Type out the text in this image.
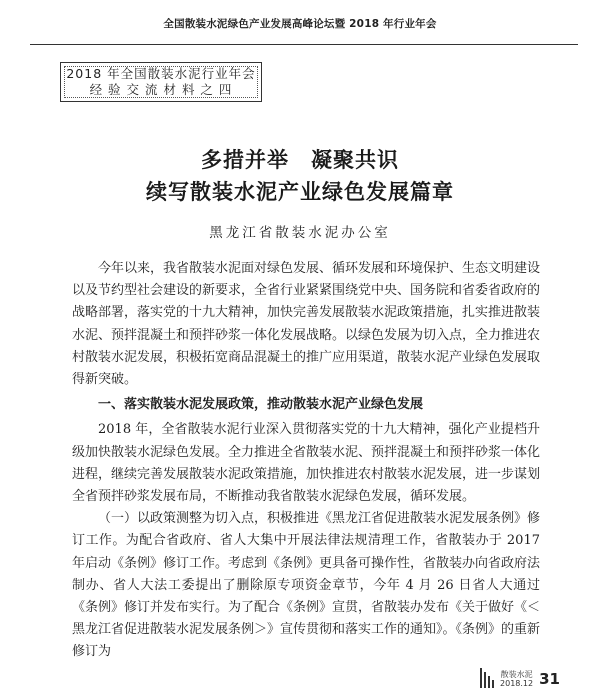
全国散装水泥绿色产业发展高峰论坛暨 2018 年行业年会
2018 年全国散装水泥行业年会
经 验 交 流 材 料 之 四
多措并举　凝聚共识
续写散装水泥产业绿色发展篇章
黑龙江省散装水泥办公室

今年以来，我省散装水泥面对绿色发展、循环发展和环境保护、生态文明建设以及节约型社会建设的新要求，全省行业紧紧围绕党中央、国务院和省委省政府的战略部署，落实党的十九大精神，加快完善发展散装水泥政策措施，扎实推进散装水泥、预拌混凝土和预拌砂浆一体化发展战略。以绿色发展为切入点，全力推进农村散装水泥发展，积极拓宽商品混凝土的推广应用渠道，散装水泥产业绿色发展取得新突破。

一、落实散装水泥发展政策，推动散装水泥产业绿色发展

2018 年，全省散装水泥行业深入贯彻落实党的十九大精神，强化产业提档升级加快散装水泥绿色发展。全力推进全省散装水泥、预拌混凝土和预拌砂浆一体化进程，继续完善发展散装水泥政策措施，加快推进农村散装水泥发展，进一步谋划全省预拌砂浆发展布局，不断推动我省散装水泥绿色发展，循环发展。

（一）以政策测整为切入点，积极推进《黑龙江省促进散装水泥发展条例》修订工作。为配合省政府、省人大集中开展法律法规清理工作，省散装办于 2017 年启动《条例》修订工作。考虑到《条例》更具备可操作性，省散装办向省政府法制办、省人大法工委提出了删除原专项资金章节，今年 4 月 26 日省人大通过《条例》修订并发布实行。为了配合《条例》宣贯，省散装办发布《关于做好《＜黑龙江省促进散装水泥发展条例＞》宣传贯彻和落实工作的通知》。《条例》的重新修订为

散装水泥
2018.12 31
